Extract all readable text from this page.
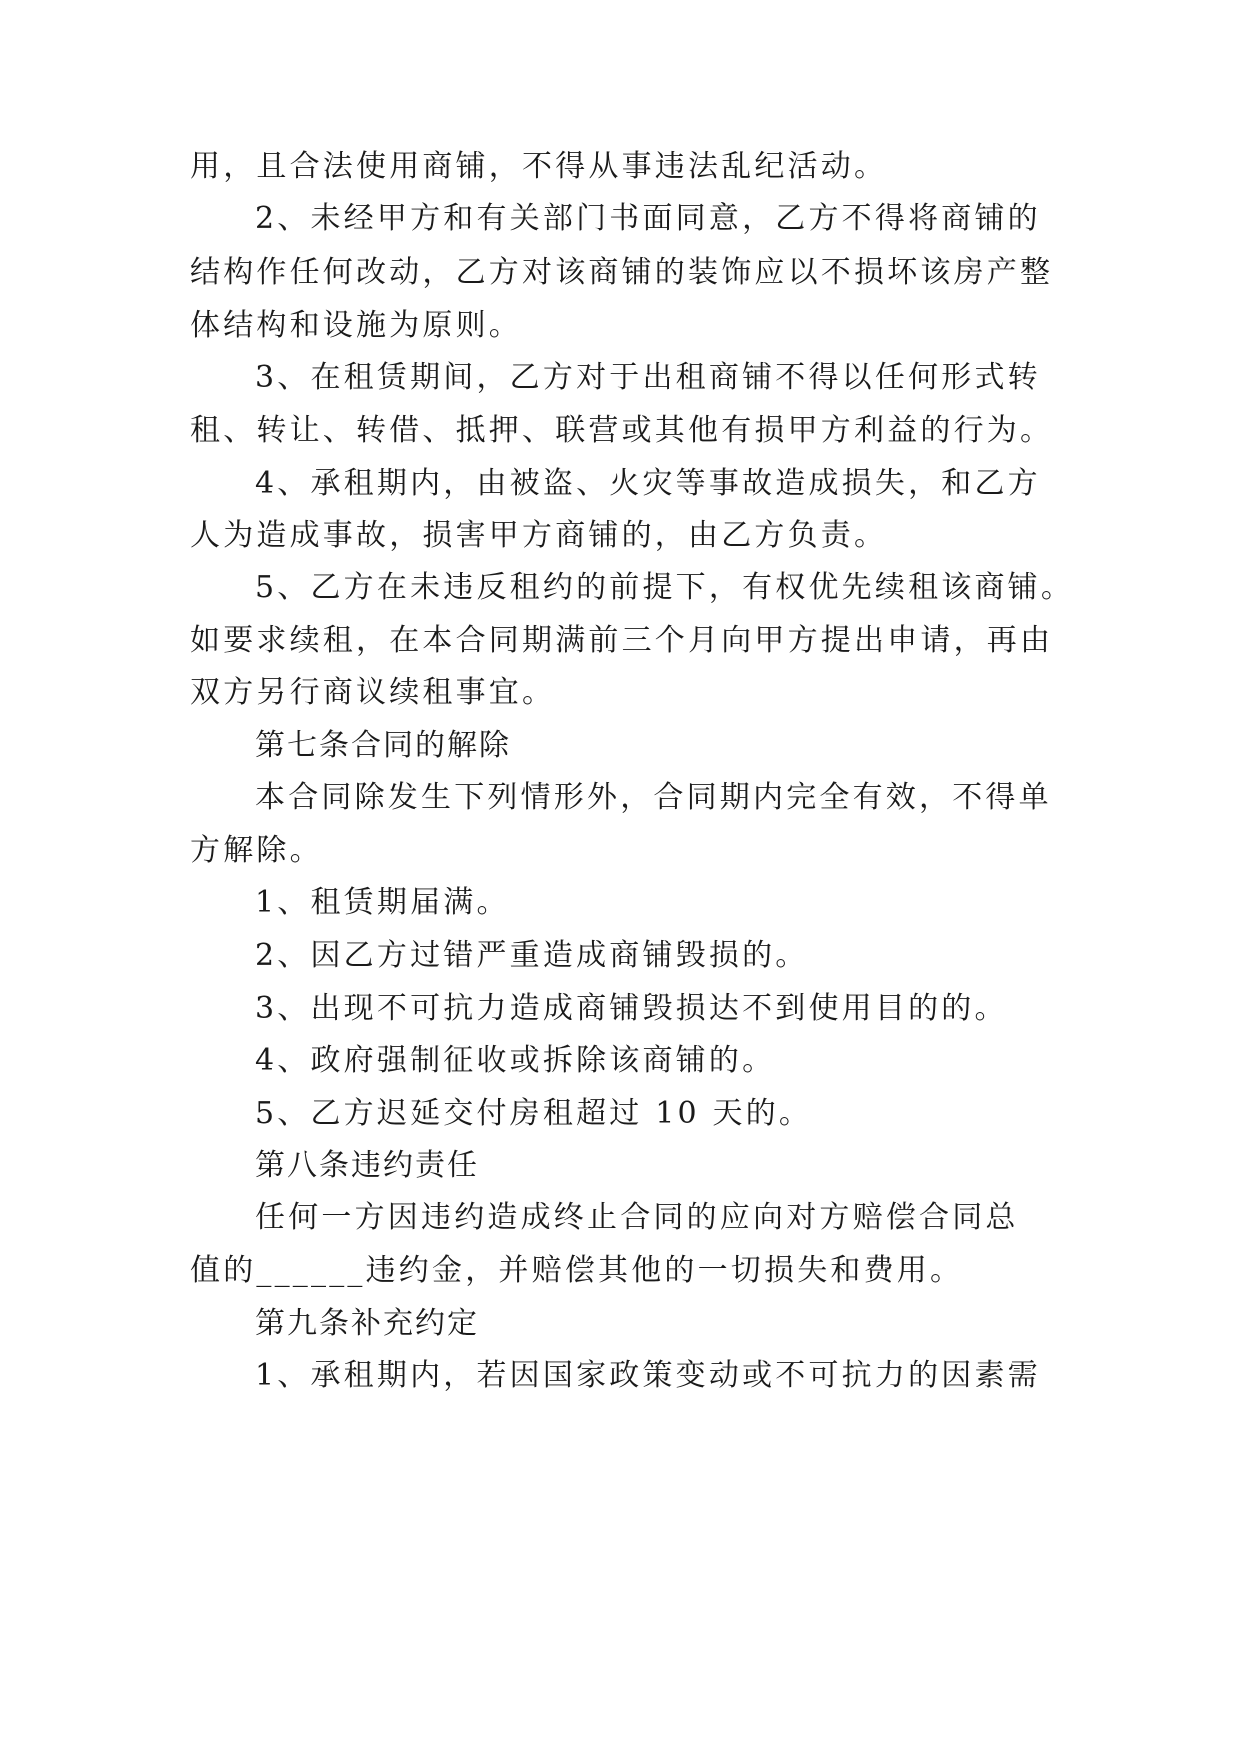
用，且合法使用商铺，不得从事违法乱纪活动。
2、未经甲方和有关部门书面同意，乙方不得将商铺的
结构作任何改动，乙方对该商铺的装饰应以不损坏该房产整
体结构和设施为原则。
3、在租赁期间，乙方对于出租商铺不得以任何形式转
租、转让、转借、抵押、联营或其他有损甲方利益的行为。
4、承租期内，由被盗、火灾等事故造成损失，和乙方
人为造成事故，损害甲方商铺的，由乙方负责。
5、乙方在未违反租约的前提下，有权优先续租该商铺。
如要求续租，在本合同期满前三个月向甲方提出申请，再由
双方另行商议续租事宜。
第七条合同的解除
本合同除发生下列情形外，合同期内完全有效，不得单
方解除。
1、租赁期届满。
2、因乙方过错严重造成商铺毁损的。
3、出现不可抗力造成商铺毁损达不到使用目的的。
4、政府强制征收或拆除该商铺的。
5、乙方迟延交付房租超过 10 天的。
第八条违约责任
任何一方因违约造成终止合同的应向对方赔偿合同总
值的______违约金，并赔偿其他的一切损失和费用。
第九条补充约定
1、承租期内，若因国家政策变动或不可抗力的因素需
